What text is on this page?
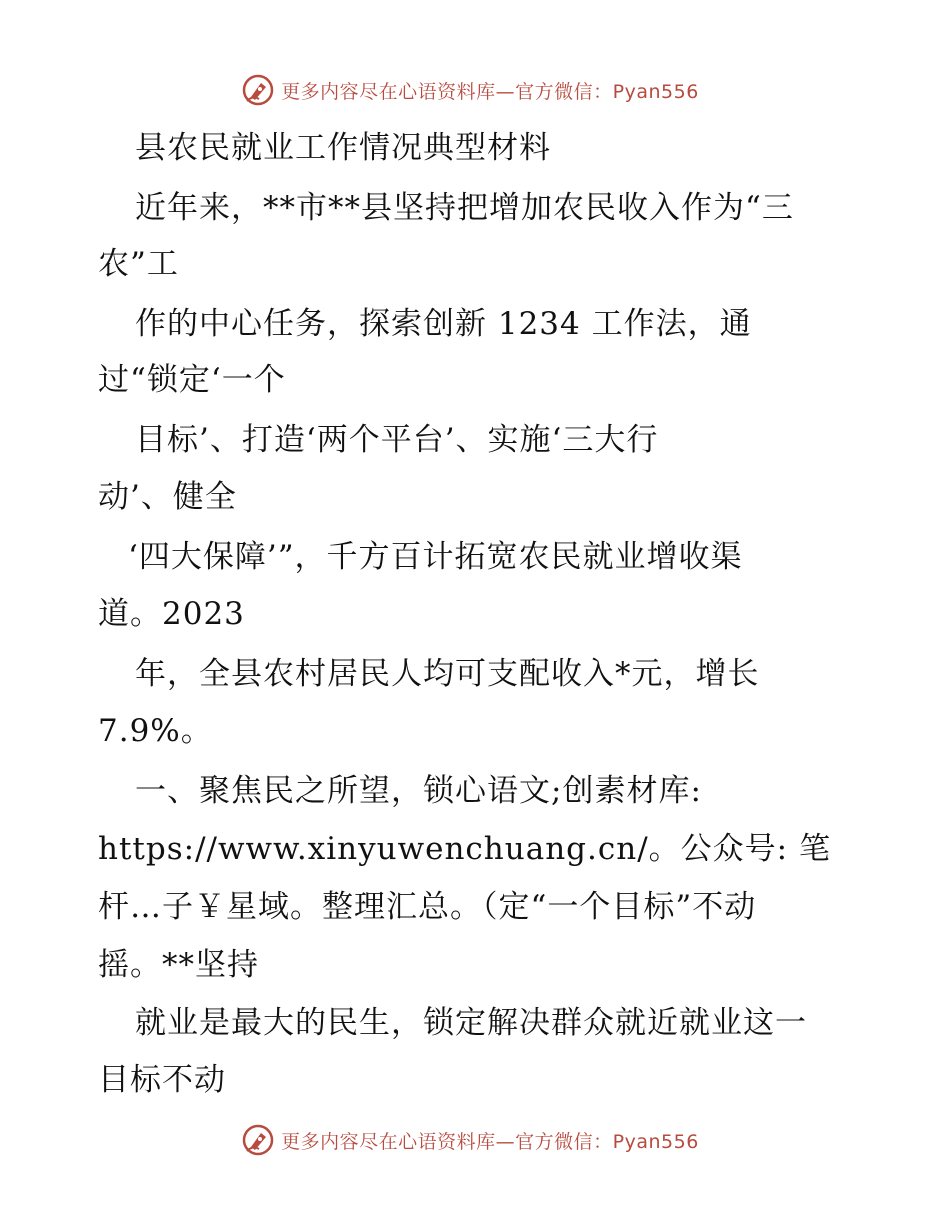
更多内容尽在心语资料库—官方微信：Pyan556
县农民就业工作情况典型材料
近年来，**市**县坚持把增加农民收入作为“三
农”工
作的中心任务，探索创新 1234 工作法，通
过“锁定‘一个
目标’、打造‘两个平台’、实施‘三大行
动’、健全
‘四大保障’”，千方百计拓宽农民就业增收渠
道。2023
年，全县农村居民人均可支配收入*元，增长
7.9%。
一、聚焦民之所望，锁心语文;创素材库:
https://www.xinyuwenchuang.cn/。公众号: 笔
杆…子￥星域。整理汇总。（定“一个目标”不动
摇。**坚持
就业是最大的民生，锁定解决群众就近就业这一
目标不动
更多内容尽在心语资料库—官方微信：Pyan556
